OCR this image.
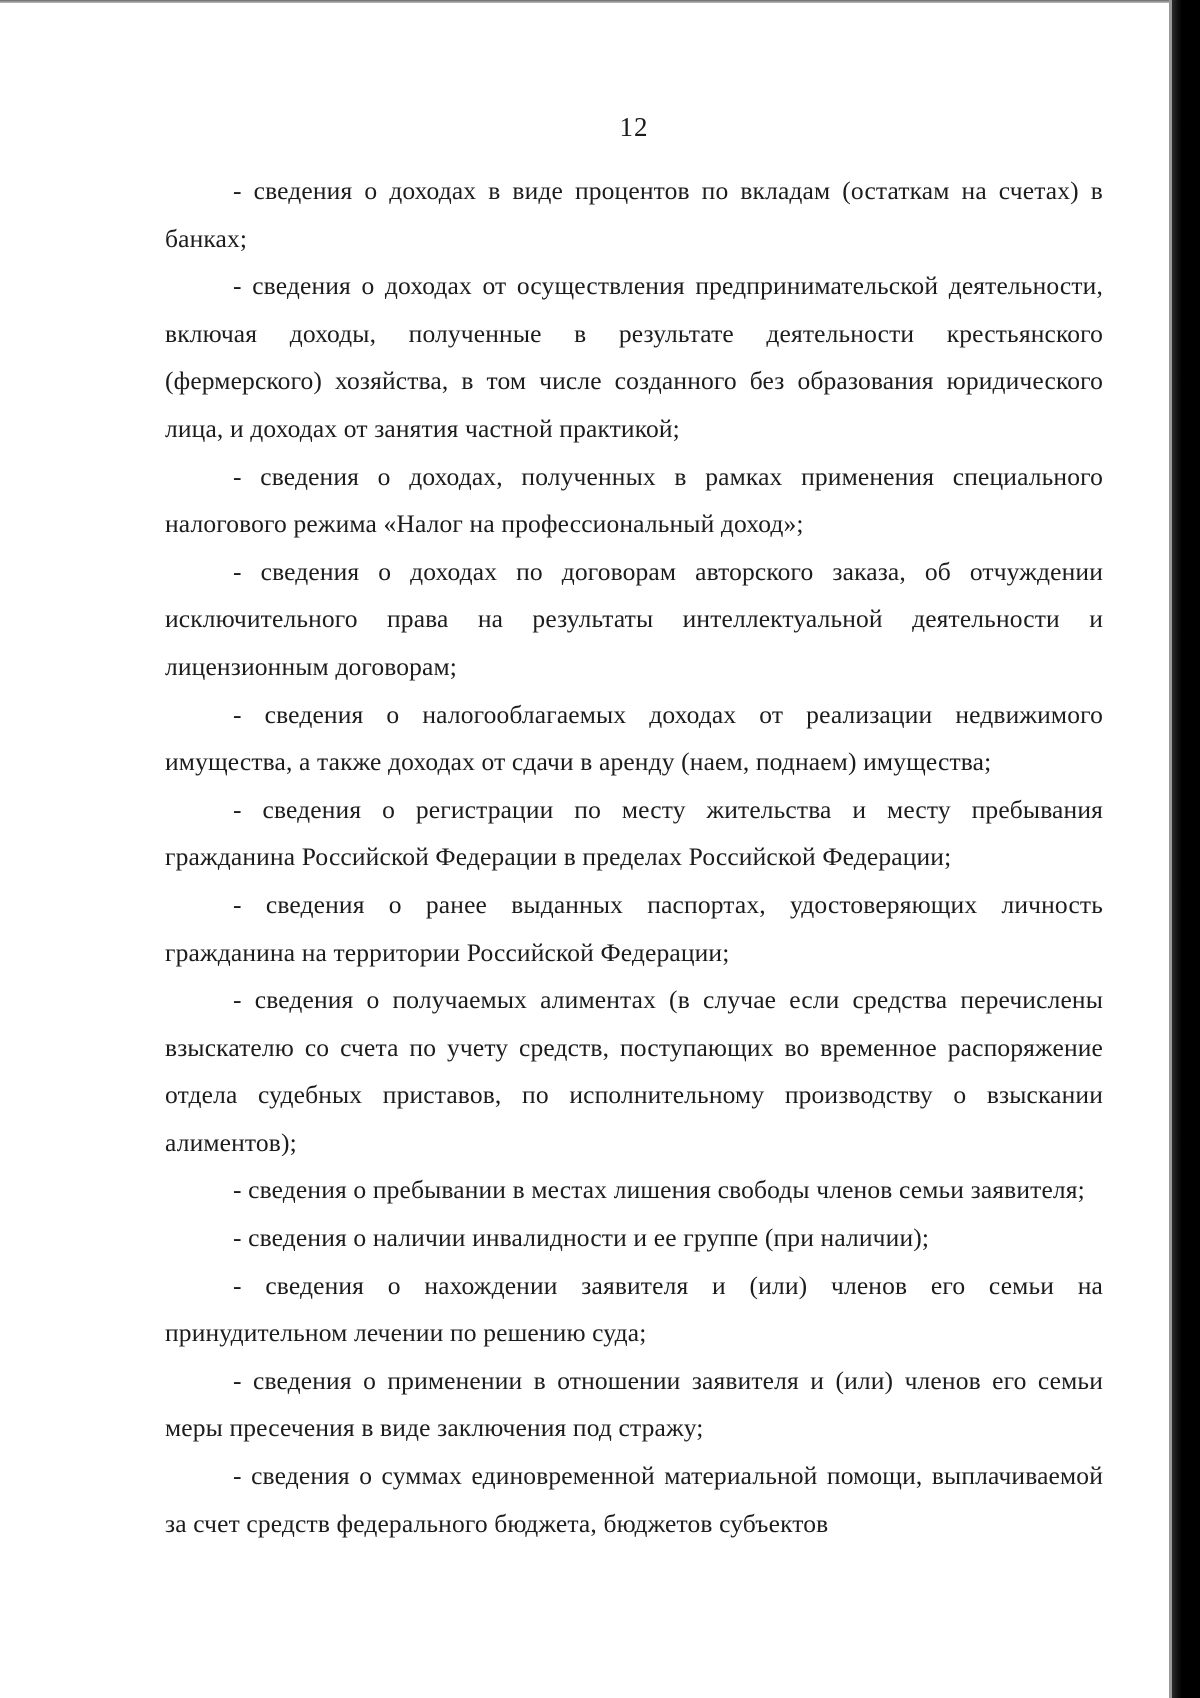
12

- сведения о доходах в виде процентов по вкладам (остаткам на счетах) в банках;

- сведения о доходах от осуществления предпринимательской деятельности, включая доходы, полученные в результате деятельности крестьянского (фермерского) хозяйства, в том числе созданного без образования юридического лица, и доходах от занятия частной практикой;

- сведения о доходах, полученных в рамках применения специального налогового режима «Налог на профессиональный доход»;

- сведения о доходах по договорам авторского заказа, об отчуждении исключительного права на результаты интеллектуальной деятельности и лицензионным договорам;

- сведения о налогооблагаемых доходах от реализации недвижимого имущества, а также доходах от сдачи в аренду (наем, поднаем) имущества;

- сведения о регистрации по месту жительства и месту пребывания гражданина Российской Федерации в пределах Российской Федерации;

- сведения о ранее выданных паспортах, удостоверяющих личность гражданина на территории Российской Федерации;

- сведения о получаемых алиментах (в случае если средства перечислены взыскателю со счета по учету средств, поступающих во временное распоряжение отдела судебных приставов, по исполнительному производству о взыскании алиментов);

- сведения о пребывании в местах лишения свободы членов семьи заявителя;

- сведения о наличии инвалидности и ее группе (при наличии);

- сведения о нахождении заявителя и (или) членов его семьи на принудительном лечении по решению суда;

- сведения о применении в отношении заявителя и (или) членов его семьи меры пресечения в виде заключения под стражу;

- сведения о суммах единовременной материальной помощи, выплачиваемой за счет средств федерального бюджета, бюджетов субъектов
